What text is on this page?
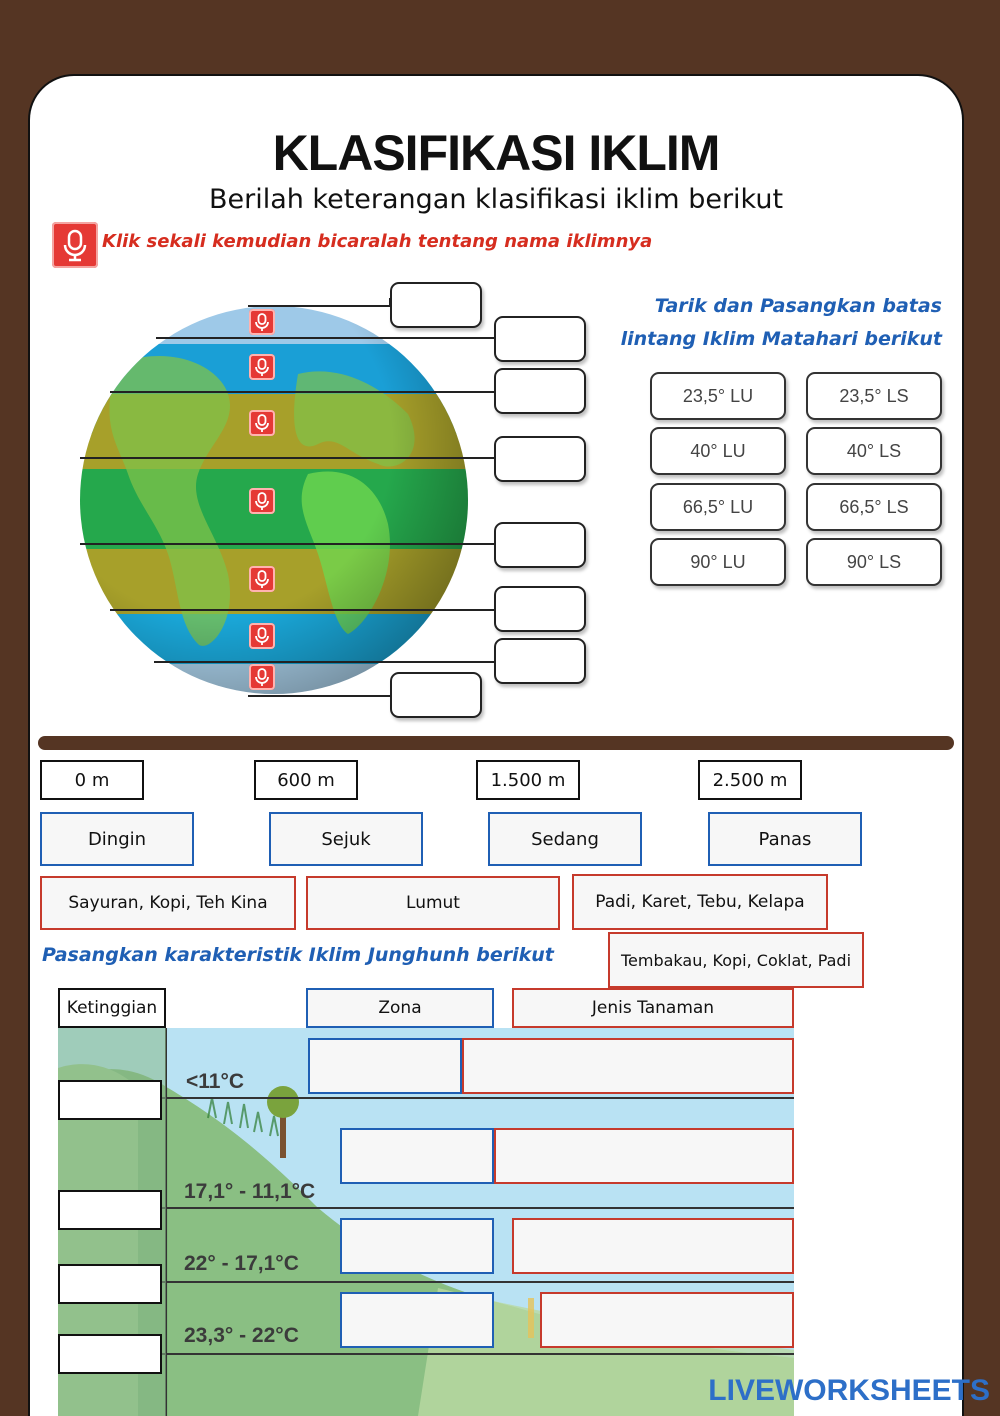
KLASIFIKASI IKLIM
Berilah keterangan klasifikasi iklim berikut
Klik sekali kemudian bicaralah tentang nama iklimnya
Tarik dan Pasangkan batas
lintang Iklim Matahari berikut
23,5° LU	23,5° LS
40° LU	40° LS
66,5° LU	66,5° LS
90° LU	90° LS
0 m	600 m	1.500 m	2.500 m
Dingin	Sejuk	Sedang	Panas
Sayuran, Kopi, Teh Kina	Lumut	Padi, Karet, Tebu, Kelapa
Tembakau, Kopi, Coklat, Padi
Pasangkan karakteristik Iklim Junghunh berikut
Ketinggian	Zona	Jenis Tanaman
<11°C
17,1° - 11,1°C
22° - 17,1°C
23,3° - 22°C
LIVEWORKSHEETS
